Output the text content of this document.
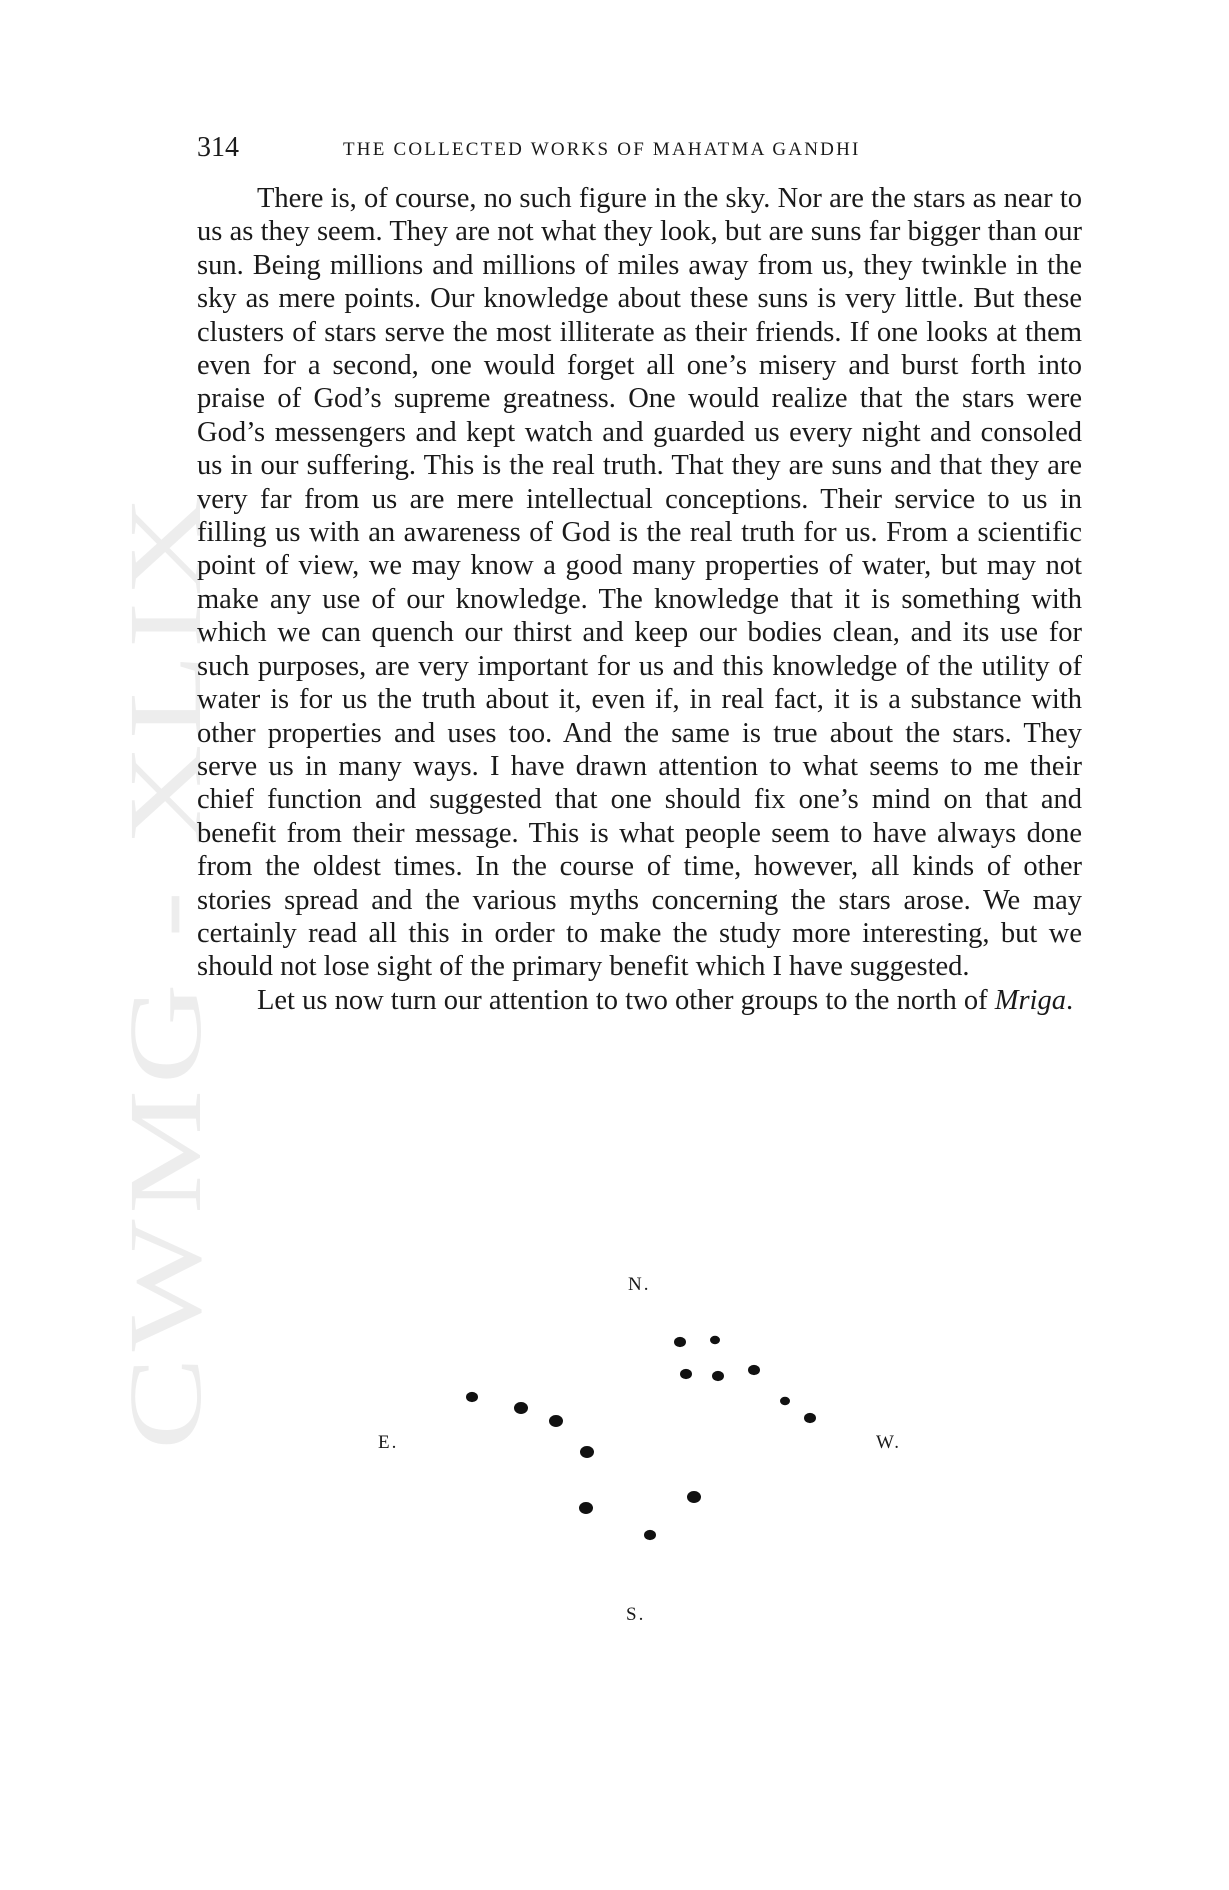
CWMG - XLIX
314	THE COLLECTED WORKS OF MAHATMA GANDHI

There is, of course, no such figure in the sky. Nor are the stars as near to us as they seem. They are not what they look, but are suns far bigger than our sun. Being millions and millions of miles away from us, they twinkle in the sky as mere points. Our knowledge about these suns is very little. But these clusters of stars serve the most illiterate as their friends. If one looks at them even for a second, one would forget all one’s misery and burst forth into praise of God’s supreme greatness. One would realize that the stars were God’s messengers and kept watch and guarded us every night and consoled us in our suffering. This is the real truth. That they are suns and that they are very far from us are mere intellectual conceptions. Their service to us in filling us with an awareness of God is the real truth for us. From a scientific point of view, we may know a good many properties of water, but may not make any use of our knowledge. The knowledge that it is something with which we can quench our thirst and keep our bodies clean, and its use for such purposes, are very important for us and this knowledge of the utility of water is for us the truth about it, even if, in real fact, it is a substance with other properties and uses too. And the same is true about the stars. They serve us in many ways. I have drawn attention to what seems to me their chief function and suggested that one should fix one’s mind on that and benefit from their message. This is what people seem to have always done from the oldest times. In the course of time, however, all kinds of other stories spread and the various myths concerning the stars arose. We may certainly read all this in order to make the study more interesting, but we should not lose sight of the primary benefit which I have suggested.

Let us now turn our attention to two other groups to the north of Mriga.

N.
S.
E.	W.
